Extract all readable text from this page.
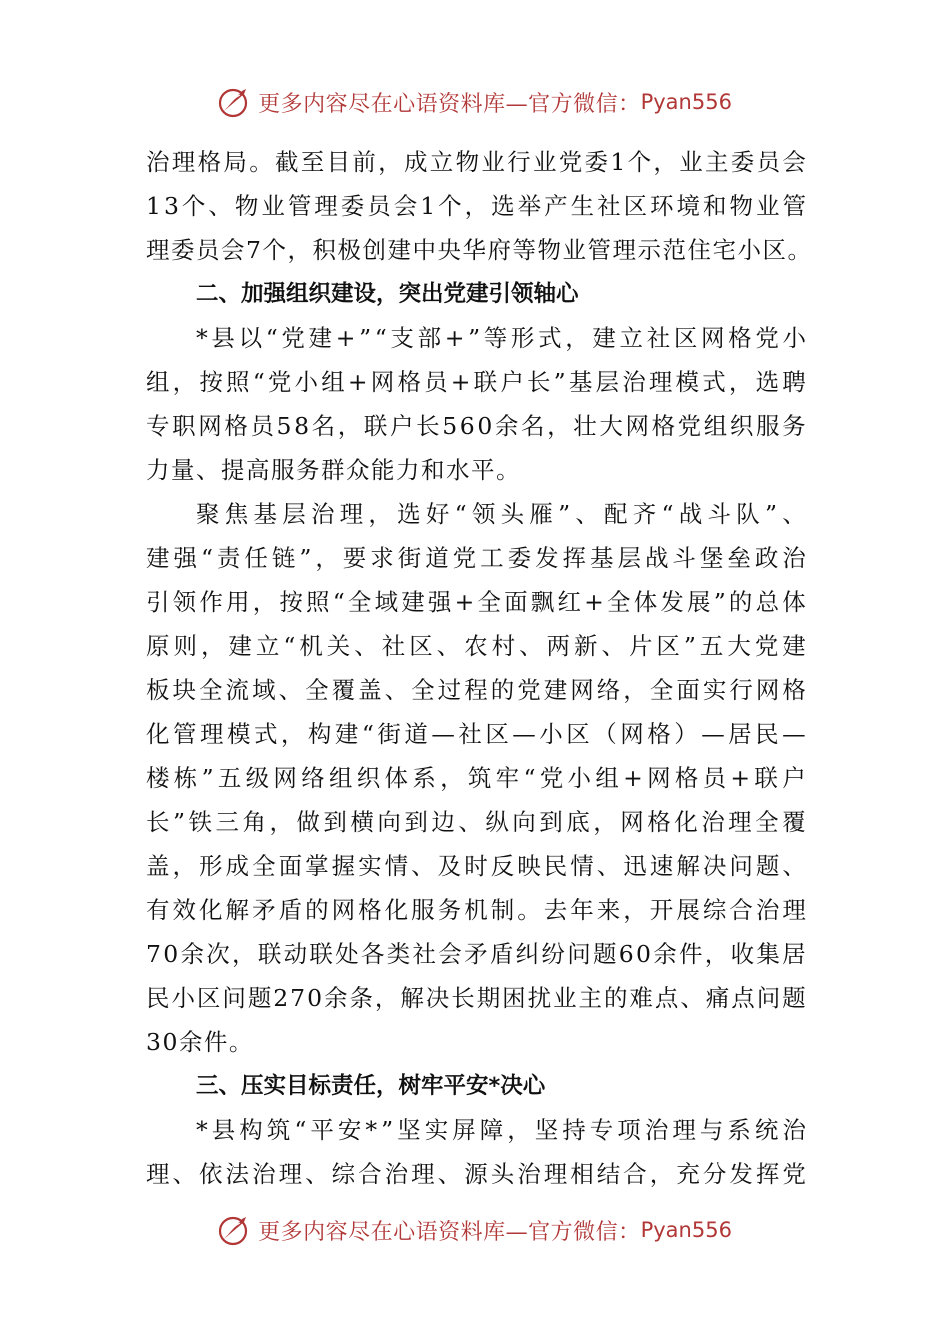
更多内容尽在心语资料库—官方微信： Pyan556
治 理 格 局 。 截 至 目 前 ， 成 立 物 业 行 业 党 委 1 个 ， 业 主 委 员 会
1 3 个 、 物 业 管 理 委 员 会 1 个 ， 选 举 产 生 社 区 环 境 和 物 业 管
理委员会7个，积极创建中央华府等物业管理示范住宅小区。
二、加强组织建设，突出党建引领轴心
* 县 以 “ 党 建 + ” “ 支 部 + ” 等 形 式 ， 建 立 社 区 网 格 党 小
组 ， 按 照 “ 党 小 组 + 网 格 员 + 联 户 长 ” 基 层 治 理 模 式 ， 选 聘
专 职 网 格 员 5 8 名 ， 联 户 长 5 6 0 余 名 ， 壮 大 网 格 党 组 织 服 务
力量、提高服务群众能力和水平。
聚 焦 基 层 治 理 ， 选 好 “ 领 头 雁 ” 、 配 齐 “ 战 斗 队 ” 、
建 强 “ 责 任 链 ” ， 要 求 街 道 党 工 委 发 挥 基 层 战 斗 堡 垒 政 治
引 领 作 用 ， 按 照 “ 全 域 建 强 + 全 面 飘 红 + 全 体 发 展 ” 的 总 体
原 则 ， 建 立 “ 机 关 、 社 区 、 农 村 、 两 新 、 片 区 ” 五 大 党 建
板 块 全 流 域 、 全 覆 盖 、 全 过 程 的 党 建 网 络 ， 全 面 实 行 网 格
化 管 理 模 式 ， 构 建 “ 街 道 — 社 区 — 小 区 （ 网 格 ） — 居 民 —
楼 栋 ” 五 级 网 络 组 织 体 系 ， 筑 牢 “ 党 小 组 + 网 格 员 + 联 户
长 ” 铁 三 角 ， 做 到 横 向 到 边 、 纵 向 到 底 ， 网 格 化 治 理 全 覆
盖 ， 形 成 全 面 掌 握 实 情 、 及 时 反 映 民 情 、 迅 速 解 决 问 题 、
有 效 化 解 矛 盾 的 网 格 化 服 务 机 制 。 去 年 来 ， 开 展 综 合 治 理
7 0 余 次 ， 联 动 联 处 各 类 社 会 矛 盾 纠 纷 问 题 6 0 余 件 ， 收 集 居
民 小 区 问 题 2 7 0 余 条 ， 解 决 长 期 困 扰 业 主 的 难 点 、 痛 点 问 题
30余件。
三、压实目标责任，树牢平安*决心
* 县 构 筑 “ 平 安 * ” 坚 实 屏 障 ， 坚 持 专 项 治 理 与 系 统 治
理 、 依 法 治 理 、 综 合 治 理 、 源 头 治 理 相 结 合 ， 充 分 发 挥 党
更多内容尽在心语资料库—官方微信： Pyan556
